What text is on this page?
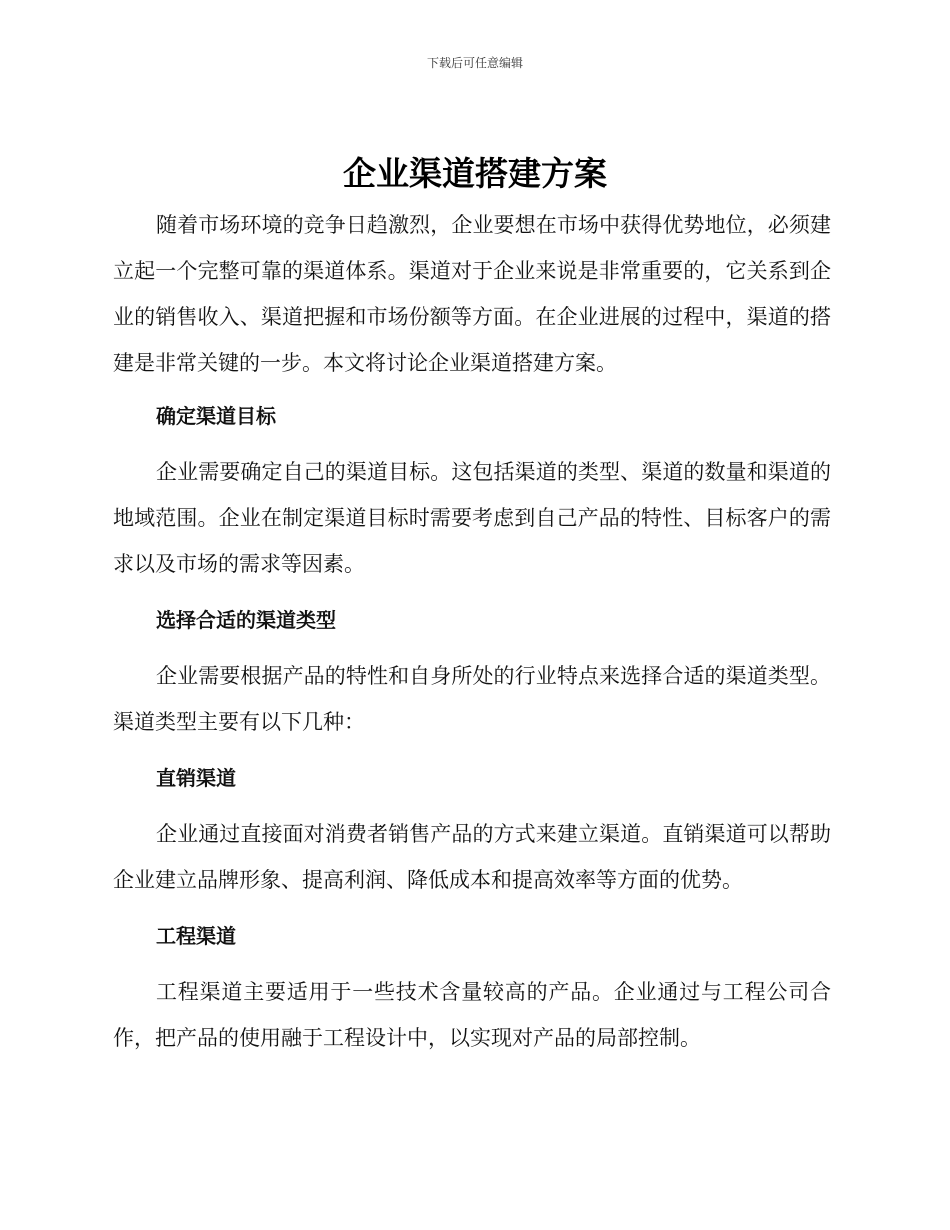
下载后可任意编辑
企业渠道搭建方案

随着市场环境的竞争日趋激烈，企业要想在市场中获得优势地位，必须建立起一个完整可靠的渠道体系。渠道对于企业来说是非常重要的，它关系到企业的销售收入、渠道把握和市场份额等方面。在企业进展的过程中，渠道的搭建是非常关键的一步。本文将讨论企业渠道搭建方案。

确定渠道目标

企业需要确定自己的渠道目标。这包括渠道的类型、渠道的数量和渠道的地域范围。企业在制定渠道目标时需要考虑到自己产品的特性、目标客户的需求以及市场的需求等因素。

选择合适的渠道类型

企业需要根据产品的特性和自身所处的行业特点来选择合适的渠道类型。渠道类型主要有以下几种：

直销渠道

企业通过直接面对消费者销售产品的方式来建立渠道。直销渠道可以帮助企业建立品牌形象、提高利润、降低成本和提高效率等方面的优势。

工程渠道

工程渠道主要适用于一些技术含量较高的产品。企业通过与工程公司合作，把产品的使用融于工程设计中，以实现对产品的局部控制。
